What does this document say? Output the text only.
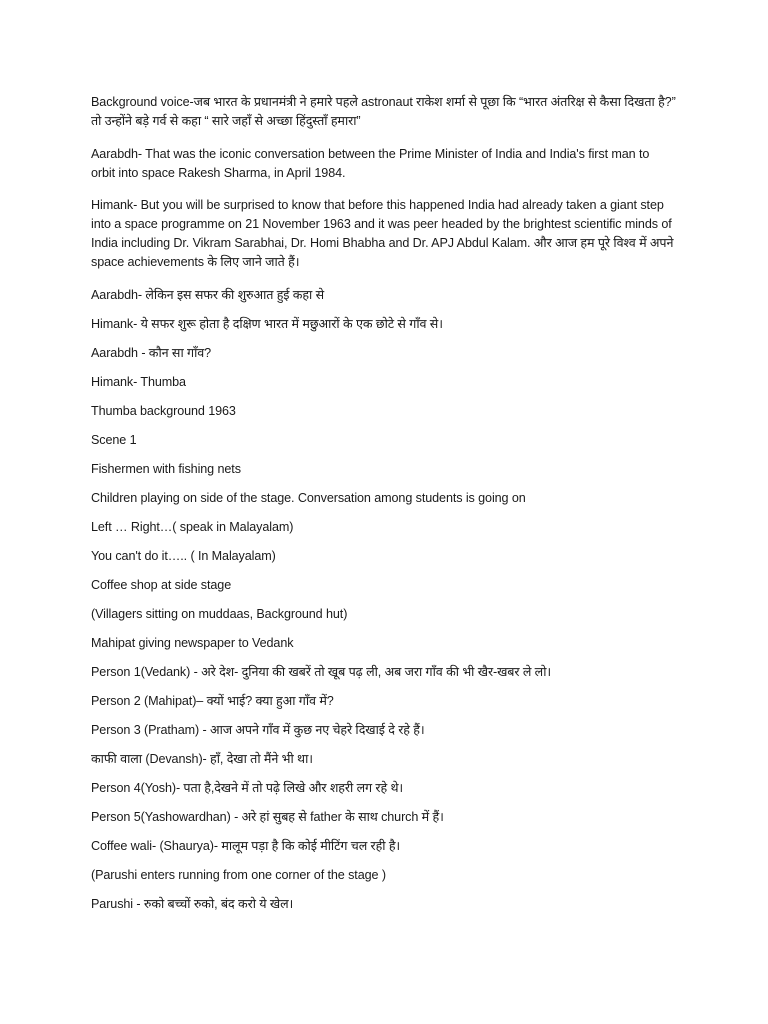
Background voice-जब भारत के प्रधानमंत्री ने हमारे पहले astronaut राकेश शर्मा से पूछा कि “भारत अंतरिक्ष से कैसा दिखता है?” तो उन्होंने बड़े गर्व से कहा “ सारे जहाँ से अच्छा हिंदुस्ताँ हमारा”

Aarabdh- That was the iconic conversation between the Prime Minister of India and India's first man to orbit into space Rakesh Sharma, in April 1984.

Himank- But you will be surprised to know that before this happened India had already taken a giant step into a space programme on 21 November 1963 and it was peer headed by the brightest scientific minds of India including Dr. Vikram Sarabhai, Dr. Homi Bhabha and Dr. APJ Abdul Kalam. और आज हम पूरे विश्व में अपने space achievements के लिए जाने जाते हैं।

Aarabdh- लेकिन इस सफर की शुरुआत हुई कहा से

Himank- ये सफर शुरू होता है दक्षिण भारत में मछुआरों के एक छोटे से गाँव से।

Aarabdh - कौन सा गाँव?

Himank- Thumba

Thumba background 1963

Scene 1

Fishermen with fishing nets

Children playing on side of the stage. Conversation among students is going on

Left … Right…( speak in Malayalam)

You can't do it….. ( In Malayalam)

Coffee shop at side stage

(Villagers sitting on muddaas, Background hut)

Mahipat giving newspaper to Vedank

Person 1(Vedank) - अरे देश- दुनिया की खबरें तो खूब पढ़ ली, अब जरा गाँव की भी खैर-खबर ले लो।

Person 2 (Mahipat)– क्यों भाई? क्या हुआ गाँव में?

Person 3 (Pratham) - आज अपने गाँव में कुछ नए चेहरे दिखाई दे रहे हैं।

काफी वाला (Devansh)- हाँ, देखा तो मैंने भी था।

Person 4(Yosh)- पता है,देखने में तो पढ़े लिखे और शहरी लग रहे थे।

Person 5(Yashowardhan) - अरे हां सुबह से father के साथ church में हैं।

Coffee wali- (Shaurya)- मालूम पड़ा है कि कोई मीटिंग चल रही है।

(Parushi enters running from one corner of the stage )

Parushi - रुको बच्चों रुको, बंद करो ये खेल।
